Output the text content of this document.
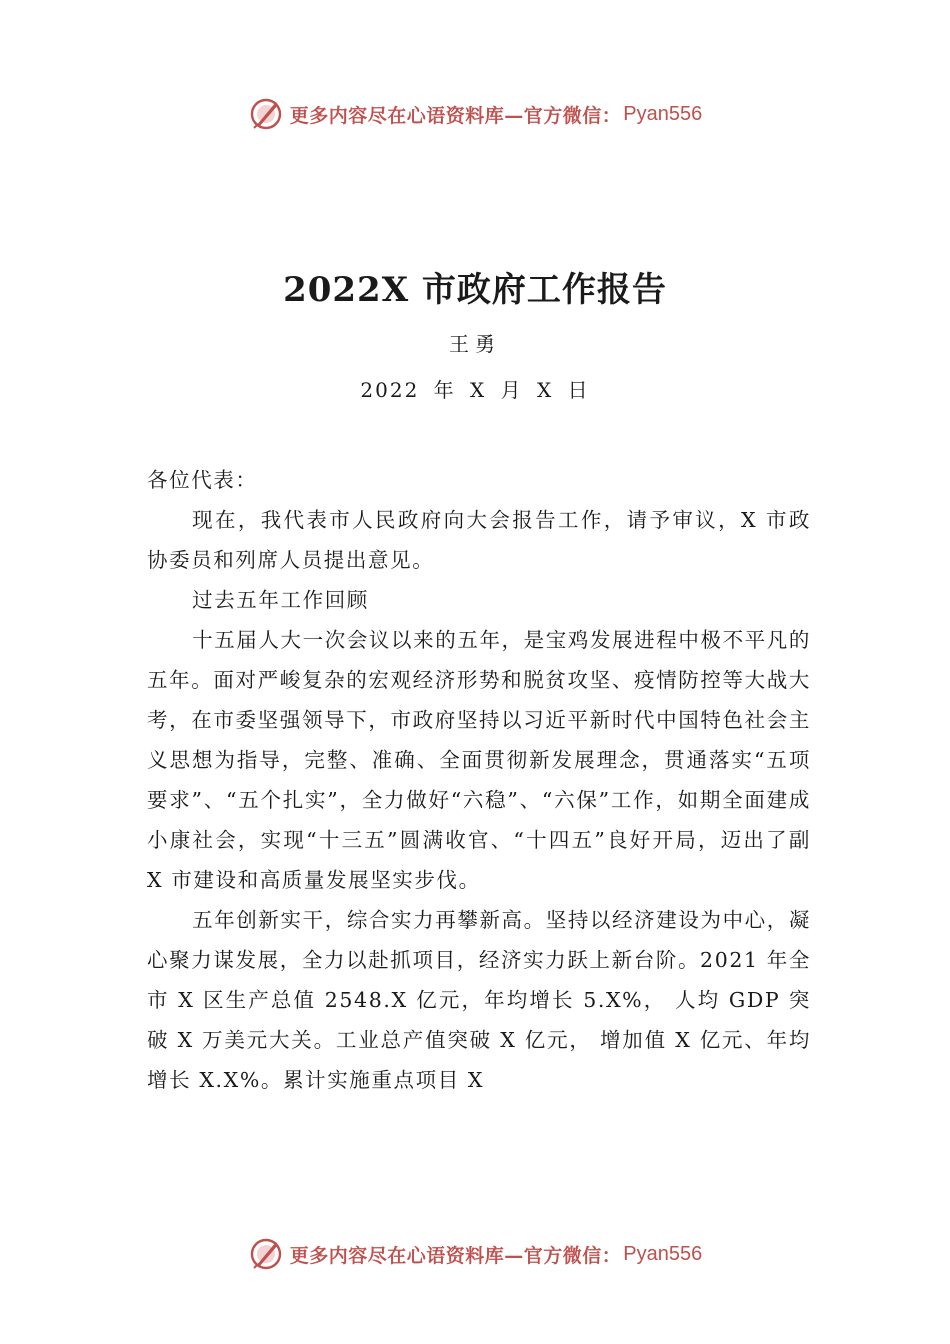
更多内容尽在心语资料库—官方微信： Pyan556
2022X 市政府工作报告
王勇
2022 年 X 月 X 日

各位代表：

现在，我代表市人民政府向大会报告工作，请予审议，X 市政协委员和列席人员提出意见。

过去五年工作回顾

十五届人大一次会议以来的五年，是宝鸡发展进程中极不平凡的五年。面对严峻复杂的宏观经济形势和脱贫攻坚、疫情防控等大战大考，在市委坚强领导下，市政府坚持以习近平新时代中国特色社会主义思想为指导，完整、准确、全面贯彻新发展理念，贯通落实“五项要求”、“五个扎实”，全力做好“六稳”、“六保”工作，如期全面建成小康社会，实现“十三五”圆满收官、“十四五”良好开局，迈出了副 X 市建设和高质量发展坚实步伐。

五年创新实干，综合实力再攀新高。坚持以经济建设为中心，凝心聚力谋发展，全力以赴抓项目，经济实力跃上新台阶。2021 年全市 X 区生产总值 2548.X 亿元，年均增长 5.X%， 人均 GDP 突破 X 万美元大关。工业总产值突破 X 亿元， 增加值 X 亿元、年均增长 X.X%。累计实施重点项目 X

更多内容尽在心语资料库—官方微信： Pyan556
